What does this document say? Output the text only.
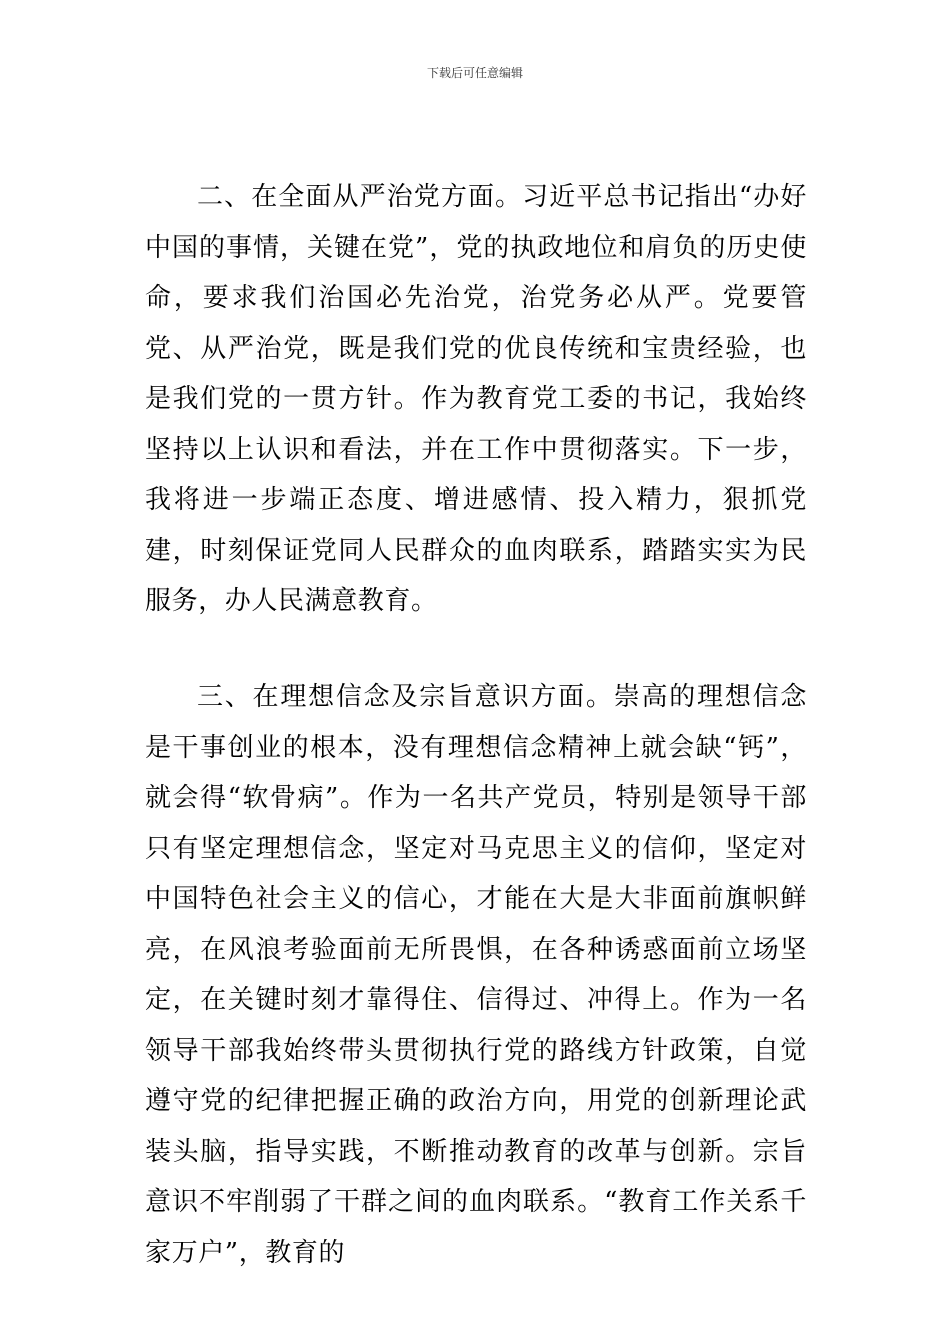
下载后可任意编辑

二、在全面从严治党方面。习近平总书记指出“办好中国的事情，关键在党”，党的执政地位和肩负的历史使命，要求我们治国必先治党，治党务必从严。党要管党、从严治党，既是我们党的优良传统和宝贵经验，也是我们党的一贯方针。作为教育党工委的书记，我始终坚持以上认识和看法，并在工作中贯彻落实。下一步，我将进一步端正态度、增进感情、投入精力，狠抓党建，时刻保证党同人民群众的血肉联系，踏踏实实为民服务，办人民满意教育。

三、在理想信念及宗旨意识方面。崇高的理想信念是干事创业的根本，没有理想信念精神上就会缺“钙”，就会得“软骨病”。作为一名共产党员，特别是领导干部只有坚定理想信念，坚定对马克思主义的信仰，坚定对中国特色社会主义的信心，才能在大是大非面前旗帜鲜亮，在风浪考验面前无所畏惧，在各种诱惑面前立场坚定，在关键时刻才靠得住、信得过、冲得上。作为一名领导干部我始终带头贯彻执行党的路线方针政策，自觉遵守党的纪律把握正确的政治方向，用党的创新理论武装头脑，指导实践，不断推动教育的改革与创新。宗旨意识不牢削弱了干群之间的血肉联系。“教育工作关系千家万户”，教育的
